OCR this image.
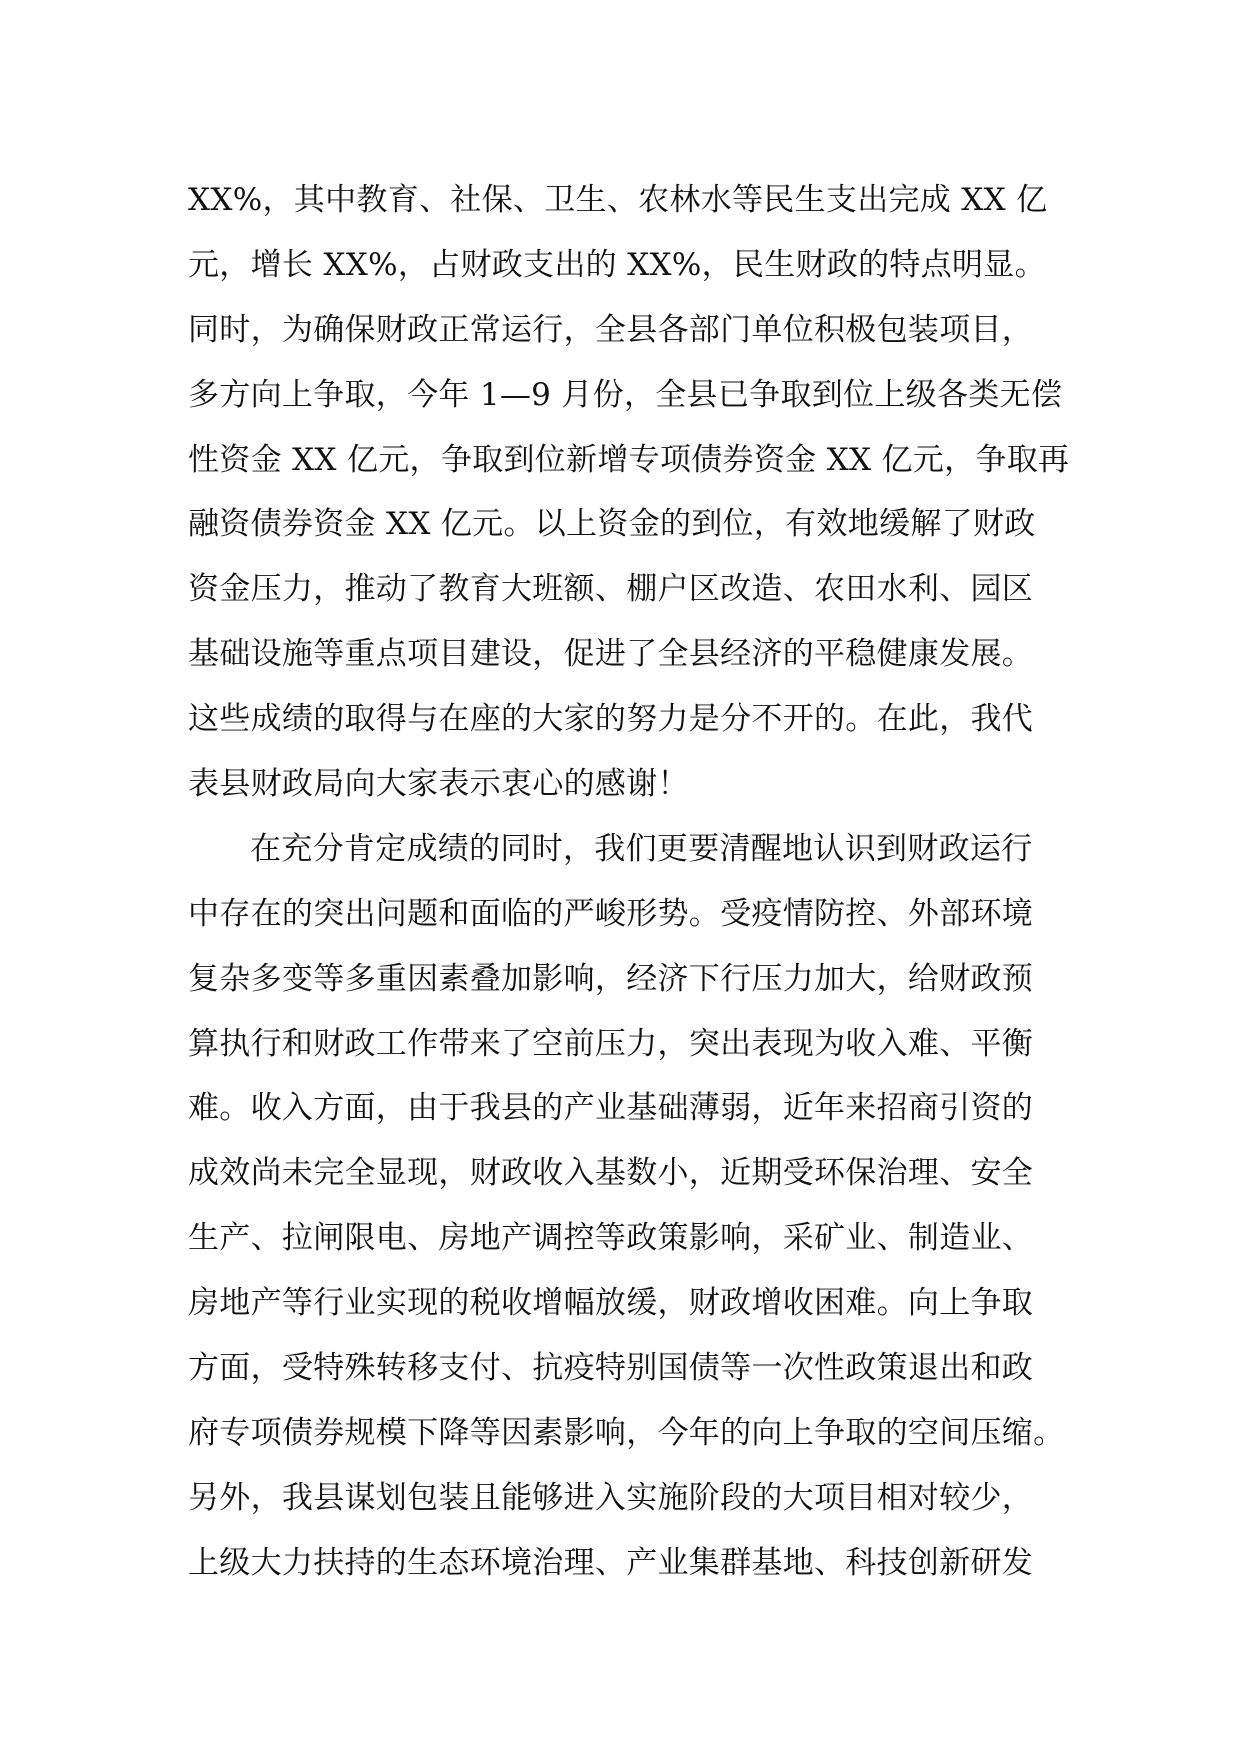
XX%，其中教育、社保、卫生、农林水等民生支出完成 XX 亿
元，增长 XX%，占财政支出的 XX%，民生财政的特点明显。
同时，为确保财政正常运行，全县各部门单位积极包装项目，
多方向上争取，今年 1—9 月份，全县已争取到位上级各类无偿
性资金 XX 亿元，争取到位新增专项债券资金 XX 亿元，争取再
融资债券资金 XX 亿元。以上资金的到位，有效地缓解了财政
资金压力，推动了教育大班额、棚户区改造、农田水利、园区
基础设施等重点项目建设，促进了全县经济的平稳健康发展。
这些成绩的取得与在座的大家的努力是分不开的。在此，我代
表县财政局向大家表示衷心的感谢！
在充分肯定成绩的同时，我们更要清醒地认识到财政运行
中存在的突出问题和面临的严峻形势。受疫情防控、外部环境
复杂多变等多重因素叠加影响，经济下行压力加大，给财政预
算执行和财政工作带来了空前压力，突出表现为收入难、平衡
难。收入方面，由于我县的产业基础薄弱，近年来招商引资的
成效尚未完全显现，财政收入基数小，近期受环保治理、安全
生产、拉闸限电、房地产调控等政策影响，采矿业、制造业、
房地产等行业实现的税收增幅放缓，财政增收困难。向上争取
方面，受特殊转移支付、抗疫特别国债等一次性政策退出和政
府专项债券规模下降等因素影响，今年的向上争取的空间压缩。
另外，我县谋划包装且能够进入实施阶段的大项目相对较少，
上级大力扶持的生态环境治理、产业集群基地、科技创新研发
